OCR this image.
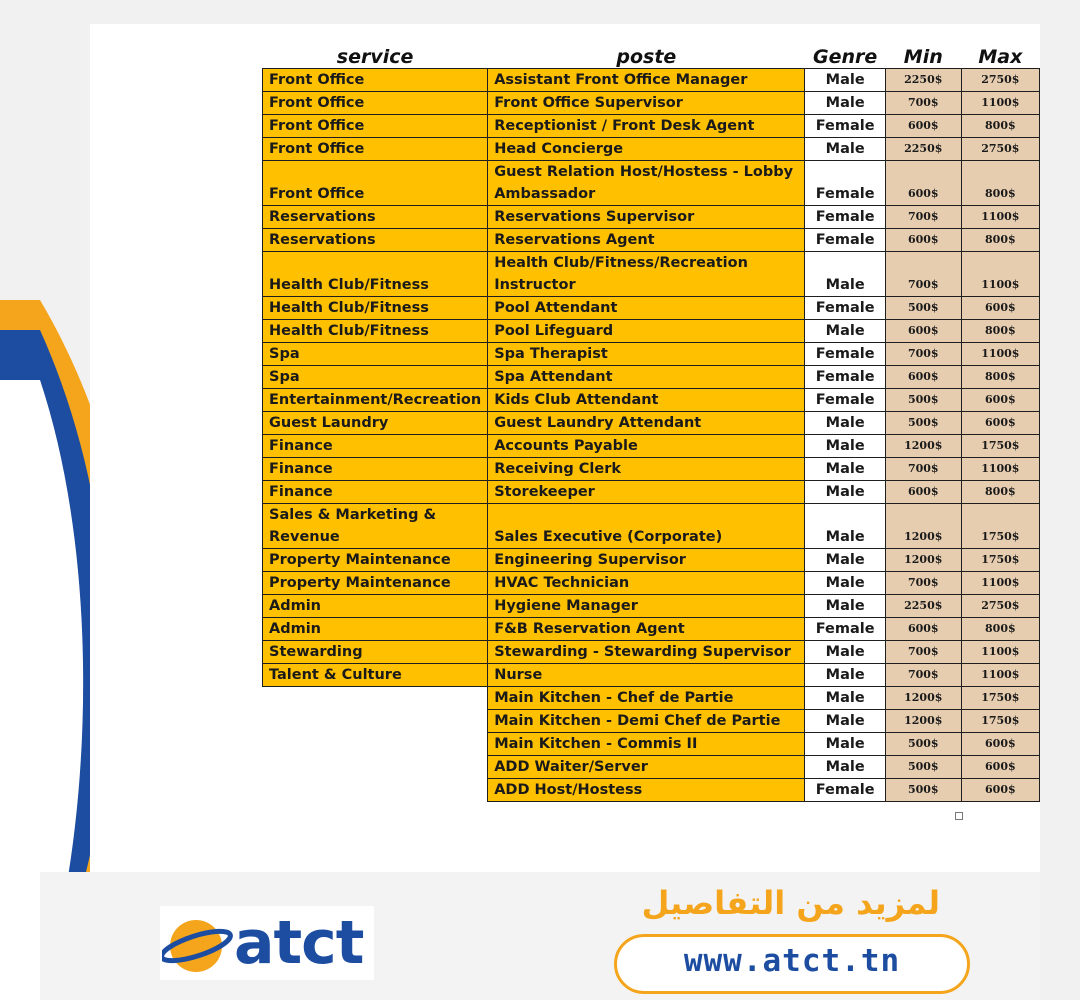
service	poste	Genre	Min	Max
Front Office	Assistant Front Office Manager	Male	2250$	2750$
Front Office	Front Office Supervisor	Male	700$	1100$
Front Office	Receptionist / Front Desk Agent	Female	600$	800$
Front Office	Head Concierge	Male	2250$	2750$
Front Office	Guest Relation Host/Hostess - Lobby Ambassador	Female	600$	800$
Reservations	Reservations Supervisor	Female	700$	1100$
Reservations	Reservations Agent	Female	600$	800$
Health Club/Fitness	Health Club/Fitness/Recreation Instructor	Male	700$	1100$
Health Club/Fitness	Pool Attendant	Female	500$	600$
Health Club/Fitness	Pool Lifeguard	Male	600$	800$
Spa	Spa Therapist	Female	700$	1100$
Spa	Spa Attendant	Female	600$	800$
Entertainment/Recreation	Kids Club Attendant	Female	500$	600$
Guest Laundry	Guest Laundry Attendant	Male	500$	600$
Finance	Accounts Payable	Male	1200$	1750$
Finance	Receiving Clerk	Male	700$	1100$
Finance	Storekeeper	Male	600$	800$
Sales & Marketing & Revenue	Sales Executive (Corporate)	Male	1200$	1750$
Property Maintenance	Engineering Supervisor	Male	1200$	1750$
Property Maintenance	HVAC Technician	Male	700$	1100$
Admin	Hygiene Manager	Male	2250$	2750$
Admin	F&B Reservation Agent	Female	600$	800$
Stewarding	Stewarding - Stewarding Supervisor	Male	700$	1100$
Talent & Culture	Nurse	Male	700$	1100$
	Main Kitchen - Chef de Partie	Male	1200$	1750$
	Main Kitchen - Demi Chef de Partie	Male	1200$	1750$
	Main Kitchen - Commis II	Male	500$	600$
	ADD Waiter/Server	Male	500$	600$
	ADD Host/Hostess	Female	500$	600$
atct
لمزيد من التفاصيل
www.atct.tn
